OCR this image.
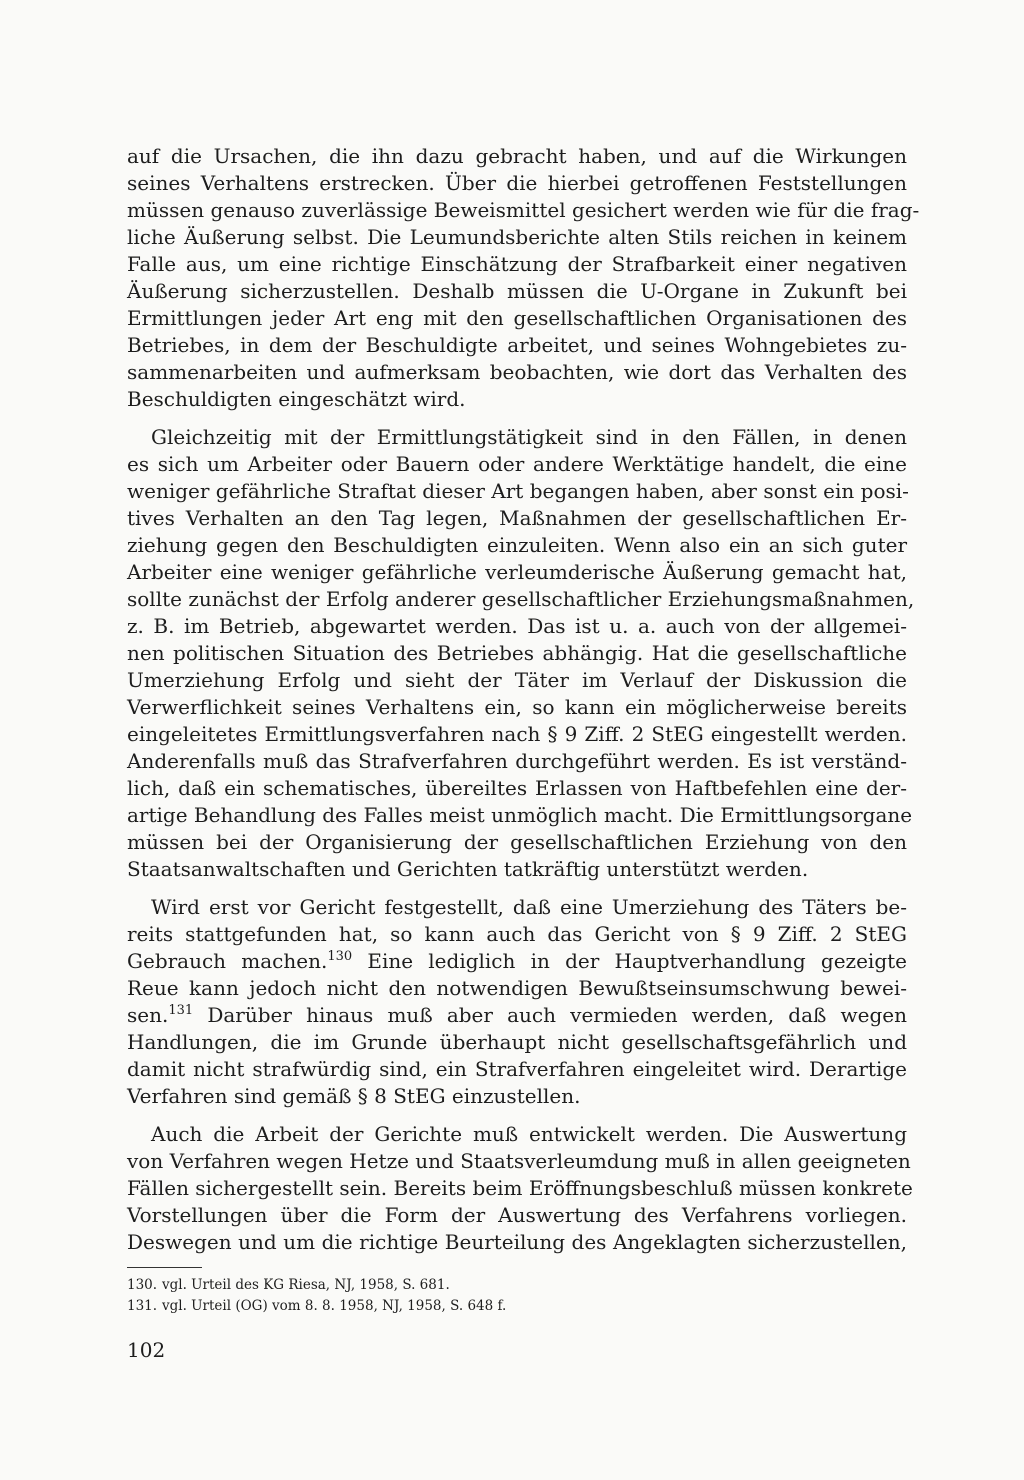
auf die Ursachen, die ihn dazu gebracht haben, und auf die Wirkungen
seines Verhaltens erstrecken. Über die hierbei getroffenen Feststellungen
müssen genauso zuverlässige Beweismittel gesichert werden wie für die frag-
liche Äußerung selbst. Die Leumundsberichte alten Stils reichen in keinem
Falle aus, um eine richtige Einschätzung der Strafbarkeit einer negativen
Äußerung sicherzustellen. Deshalb müssen die U-Organe in Zukunft bei
Ermittlungen jeder Art eng mit den gesellschaftlichen Organisationen des
Betriebes, in dem der Beschuldigte arbeitet, und seines Wohngebietes zu-
sammenarbeiten und aufmerksam beobachten, wie dort das Verhalten des
Beschuldigten eingeschätzt wird.
Gleichzeitig mit der Ermittlungstätigkeit sind in den Fällen, in denen
es sich um Arbeiter oder Bauern oder andere Werktätige handelt, die eine
weniger gefährliche Straftat dieser Art begangen haben, aber sonst ein posi-
tives Verhalten an den Tag legen, Maßnahmen der gesellschaftlichen Er-
ziehung gegen den Beschuldigten einzuleiten. Wenn also ein an sich guter
Arbeiter eine weniger gefährliche verleumderische Äußerung gemacht hat,
sollte zunächst der Erfolg anderer gesellschaftlicher Erziehungsmaßnahmen,
z. B. im Betrieb, abgewartet werden. Das ist u. a. auch von der allgemei-
nen politischen Situation des Betriebes abhängig. Hat die gesellschaftliche
Umerziehung Erfolg und sieht der Täter im Verlauf der Diskussion die
Verwerflichkeit seines Verhaltens ein, so kann ein möglicherweise bereits
eingeleitetes Ermittlungsverfahren nach § 9 Ziff. 2 StEG eingestellt werden.
Anderenfalls muß das Strafverfahren durchgeführt werden. Es ist verständ-
lich, daß ein schematisches, übereiltes Erlassen von Haftbefehlen eine der-
artige Behandlung des Falles meist unmöglich macht. Die Ermittlungsorgane
müssen bei der Organisierung der gesellschaftlichen Erziehung von den
Staatsanwaltschaften und Gerichten tatkräftig unterstützt werden.
Wird erst vor Gericht festgestellt, daß eine Umerziehung des Täters be-
reits stattgefunden hat, so kann auch das Gericht von § 9 Ziff. 2 StEG
Gebrauch machen.$^{130}$ Eine lediglich in der Hauptverhandlung gezeigte
Reue kann jedoch nicht den notwendigen Bewußtseinsumschwung bewei-
sen.$^{131}$ Darüber hinaus muß aber auch vermieden werden, daß wegen
Handlungen, die im Grunde überhaupt nicht gesellschaftsgefährlich und
damit nicht strafwürdig sind, ein Strafverfahren eingeleitet wird. Derartige
Verfahren sind gemäß § 8 StEG einzustellen.
Auch die Arbeit der Gerichte muß entwickelt werden. Die Auswertung
von Verfahren wegen Hetze und Staatsverleumdung muß in allen geeigneten
Fällen sichergestellt sein. Bereits beim Eröffnungsbeschluß müssen konkrete
Vorstellungen über die Form der Auswertung des Verfahrens vorliegen.
Deswegen und um die richtige Beurteilung des Angeklagten sicherzustellen,
130. vgl. Urteil des KG Riesa, NJ, 1958, S. 681.
131. vgl. Urteil (OG) vom 8. 8. 1958, NJ, 1958, S. 648 f.
102
